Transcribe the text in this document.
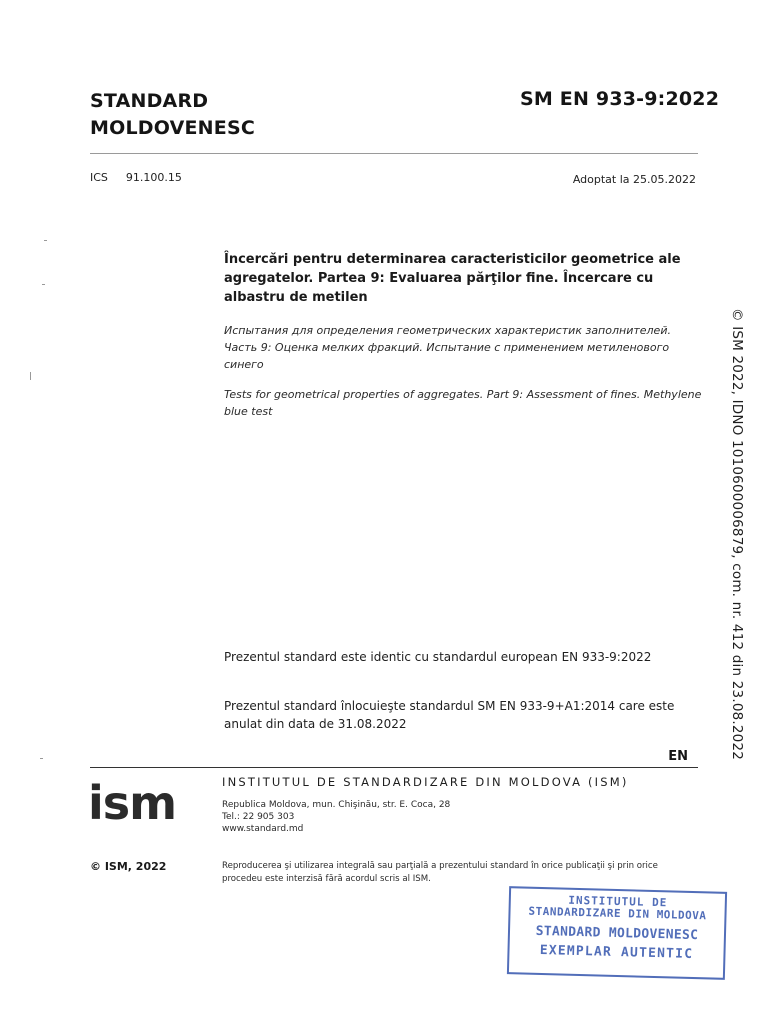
STANDARD
MOLDOVENESC
SM EN 933-9:2022
ICS 91.100.15	Adoptat la 25.05.2022
Încercări pentru determinarea caracteristicilor geometrice ale agregatelor. Partea 9: Evaluarea părţilor fine. Încercare cu albastru de metilen
Испытания для определения геометрических характеристик заполнителей. Часть 9: Оценка мелких фракций. Испытание с применением метиленового синего
Tests for geometrical properties of aggregates. Part 9: Assessment of fines. Methylene blue test
Prezentul standard este identic cu standardul european EN 933-9:2022
Prezentul standard înlocuieşte standardul SM EN 933-9+A1:2014 care este anulat din data de 31.08.2022
EN
ism	INSTITUTUL DE STANDARDIZARE DIN MOLDOVA (ISM)
Republica Moldova, mun. Chişinău, str. E. Coca, 28
Tel.: 22 905 303
www.standard.md
© ISM, 2022	Reproducerea şi utilizarea integrală sau parţială a prezentului standard în orice publicaţii şi prin orice procedeu este interzisă fără acordul scris al ISM.
© ISM 2022, IDNO 1010600006879, com. nr. 412 din 23.08.2022
INSTITUTUL DE
STANDARDIZARE DIN MOLDOVA
STANDARD MOLDOVENESC
EXEMPLAR AUTENTIC
